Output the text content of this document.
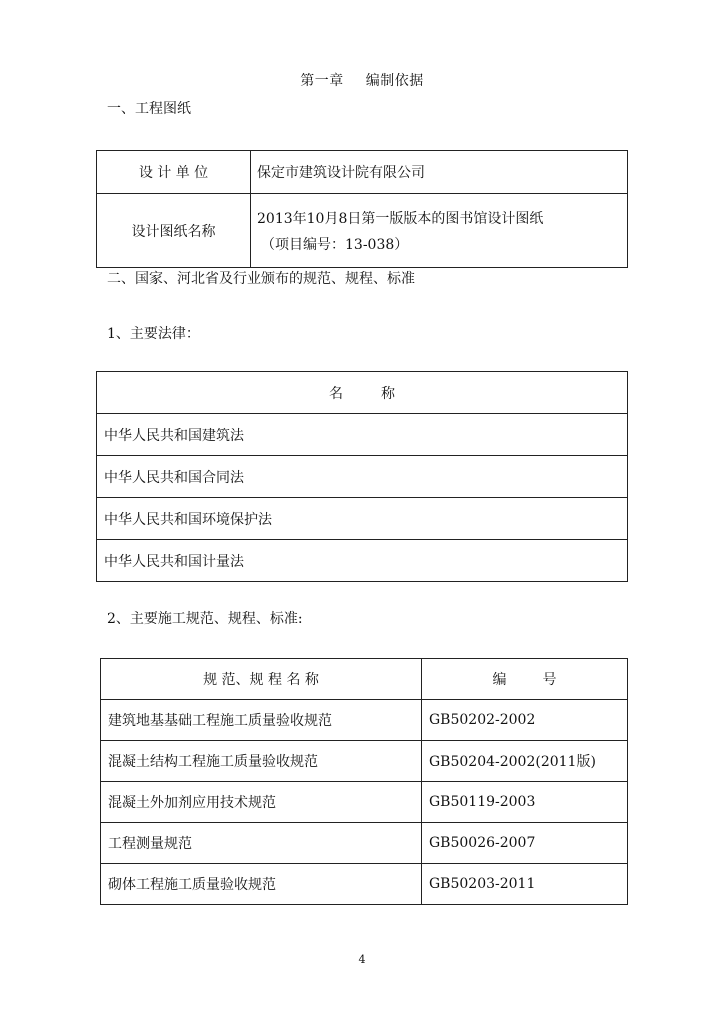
第一章 编制依据
一、工程图纸
设 计 单 位	保定市建筑设计院有限公司
设计图纸名称	2013年10月8日第一版版本的图书馆设计图纸
（项目编号：13-038）
二、国家、河北省及行业颁布的规范、规程、标准
1、主要法律：
名	称
中华人民共和国建筑法
中华人民共和国合同法
中华人民共和国环境保护法
中华人民共和国计量法
2、主要施工规范、规程、标准:
规 范、规 程 名 称	编 号
建筑地基基础工程施工质量验收规范	GB50202-2002
混凝土结构工程施工质量验收规范	GB50204-2002(2011版)
混凝土外加剂应用技术规范	GB50119-2003
工程测量规范	GB50026-2007
砌体工程施工质量验收规范	GB50203-2011
4
